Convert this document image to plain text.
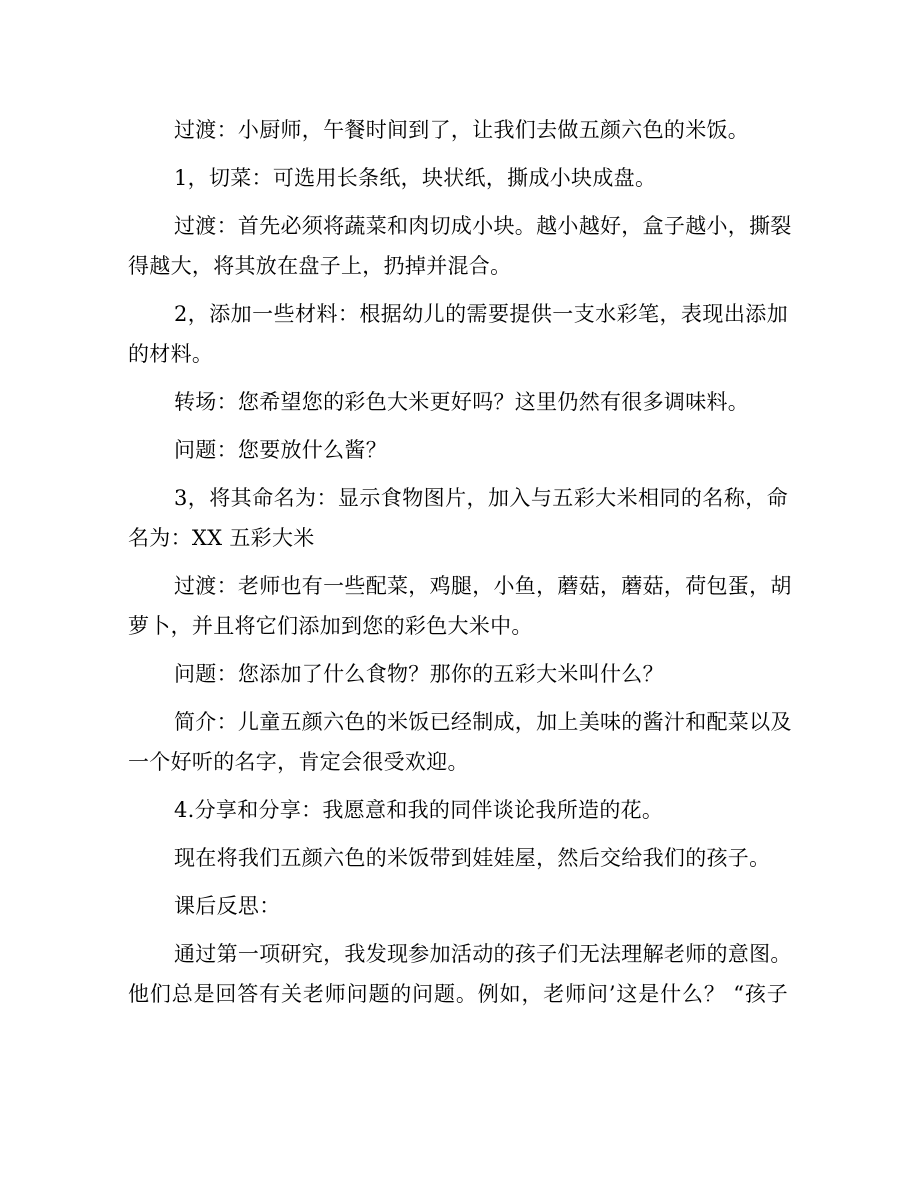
过渡：小厨师，午餐时间到了，让我们去做五颜六色的米饭。

1，切菜：可选用长条纸，块状纸，撕成小块成盘。

过渡：首先必须将蔬菜和肉切成小块。越小越好，盒子越小，撕裂
得越大，将其放在盘子上，扔掉并混合。

2，添加一些材料：根据幼儿的需要提供一支水彩笔，表现出添加
的材料。

转场：您希望您的彩色大米更好吗？这里仍然有很多调味料。

问题：您要放什么酱？

3，将其命名为：显示食物图片，加入与五彩大米相同的名称，命
名为：XX 五彩大米

过渡：老师也有一些配菜，鸡腿，小鱼，蘑菇，蘑菇，荷包蛋，胡
萝卜，并且将它们添加到您的彩色大米中。

问题：您添加了什么食物？那你的五彩大米叫什么？

简介：儿童五颜六色的米饭已经制成，加上美味的酱汁和配菜以及
一个好听的名字，肯定会很受欢迎。

4.分享和分享：我愿意和我的同伴谈论我所造的花。

现在将我们五颜六色的米饭带到娃娃屋，然后交给我们的孩子。

课后反思：

通过第一项研究，我发现参加活动的孩子们无法理解老师的意图。
他们总是回答有关老师问题的问题。例如，老师问’这是什么？ “孩子
